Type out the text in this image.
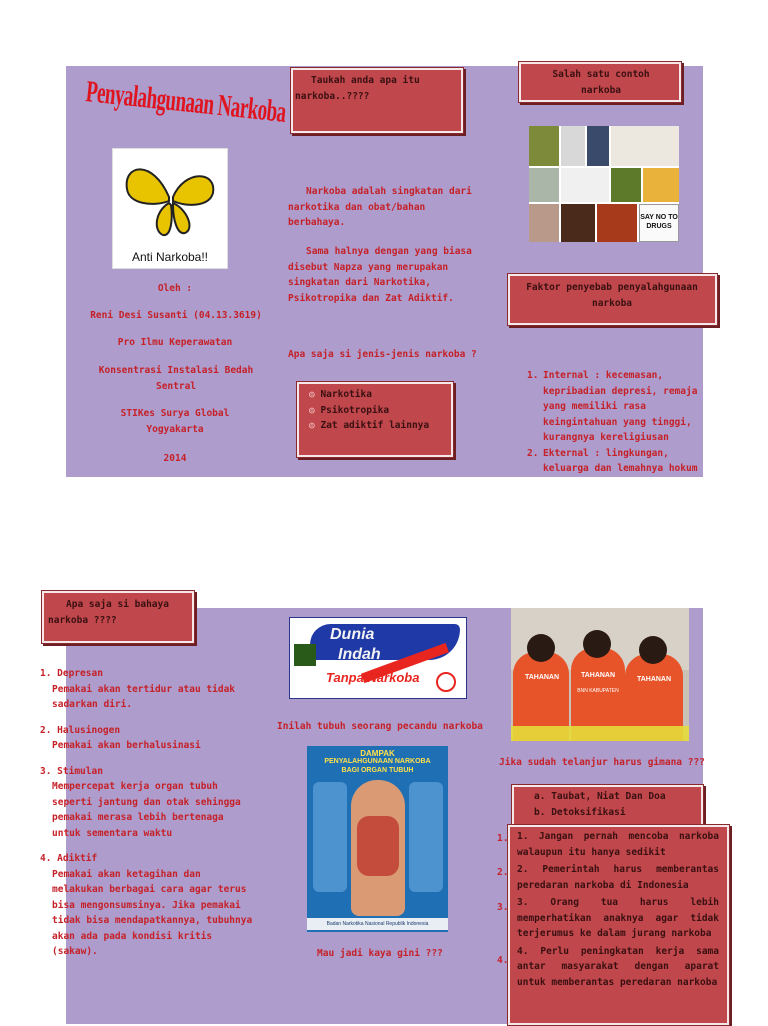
Penyalahgunaan Narkoba
Anti Narkoba!!
Oleh :
Reni Desi Susanti (04.13.3619)
Pro Ilmu Keperawatan
Konsentrasi Instalasi Bedah Sentral
STIKes Surya Global Yogyakarta
2014
Taukah anda apa itu narkoba..????
Narkoba adalah singkatan dari narkotika dan obat/bahan berbahaya.
Sama halnya dengan yang biasa disebut Napza yang merupakan singkatan dari Narkotika, Psikotropika dan Zat Adiktif.
Apa saja si jenis-jenis narkoba ?
◎ Narkotika
◎ Psikotropika
◎ Zat adiktif lainnya
Salah satu contoh narkoba
SAY NO TO DRUGS
Faktor penyebab penyalahgunaan narkoba
1. Internal : kecemasan, kepribadian depresi, remaja yang memiliki rasa keingintahuan yang tinggi, kurangnya kereligiusan
2. Ekternal : lingkungan, keluarga dan lemahnya hokum
Apa saja si bahaya narkoba ????
1. Depresan
Pemakai akan tertidur atau tidak sadarkan diri.
2. Halusinogen
Pemakai akan berhalusinasi
3. Stimulan
Mempercepat kerja organ tubuh seperti jantung dan otak sehingga pemakai merasa lebih bertenaga untuk sementara waktu
4. Adiktif
Pemakai akan ketagihan dan melakukan berbagai cara agar terus bisa mengonsumsinya. Jika pemakai tidak bisa mendapatkannya, tubuhnya akan ada pada kondisi kritis (sakaw).
Dunia
Indah
Tanpa Narkoba
Inilah tubuh seorang pecandu narkoba
DAMPAK
PENYALAHGUNAAN NARKOBA
BAGI ORGAN TUBUH
Badan Narkotika Nasional Republik Indonesia
Mau jadi kaya gini ???
TAHANAN	TAHANAN
TAHANAN
BNN KABUPATEN
Jika sudah telanjur harus gimana ???
a. Taubat, Niat Dan Doa
b. Detoksifikasi
1. Jangan pernah mencoba narkoba walaupun itu hanya sedikit
2. Pemerintah harus memberantas peredaran narkoba di Indonesia
3. Orang tua harus lebih memperhatikan anaknya agar tidak terjerumus ke dalam jurang narkoba
4. Perlu peningkatan kerja sama antar masyarakat dengan aparat untuk memberantas peredaran narkoba
1.
2.
3.
4.
